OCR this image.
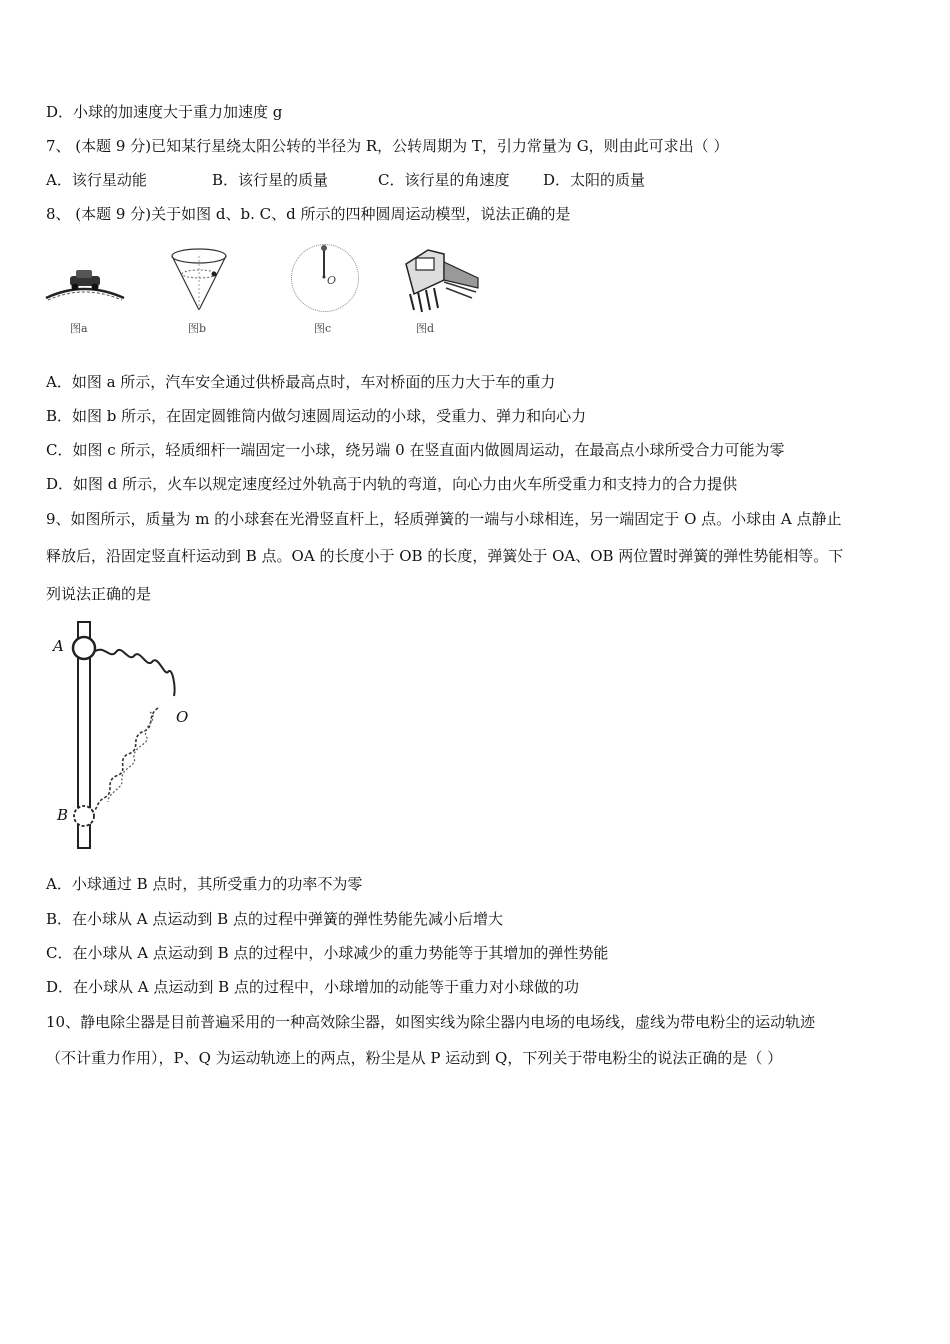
D．小球的加速度大于重力加速度 g
7、 (本题 9 分)已知某行星绕太阳公转的半径为 R，公转周期为 T，引力常量为 G，则由此可求出（ ）
A．该行星动能	B．该行星的质量	C．该行星的角速度 D．太阳的质量
8、 (本题 9 分)关于如图 d、b. C、d 所示的四种圆周运动模型，说法正确的是
图a	图b
O
图c	图d
A．如图 a 所示，汽车安全通过供桥最高点时，车对桥面的压力大于车的重力
B．如图 b 所示，在固定圆锥筒内做匀速圆周运动的小球，受重力、弹力和向心力
C．如图 c 所示，轻质细杆一端固定一小球，绕另端 0 在竖直面内做圆周运动，在最高点小球所受合力可能为零
D．如图 d 所示，火车以规定速度经过外轨高于内轨的弯道，向心力由火车所受重力和支持力的合力提供
9、如图所示，质量为 m 的小球套在光滑竖直杆上，轻质弹簧的一端与小球相连，另一端固定于 O 点。小球由 A 点静止
释放后，沿固定竖直杆运动到 B 点。OA 的长度小于 OB 的长度，弹簧处于 OA、OB 两位置时弹簧的弹性势能相等。下
列说法正确的是
A
O
B
A．小球通过 B 点时，其所受重力的功率不为零
B．在小球从 A 点运动到 B 点的过程中弹簧的弹性势能先减小后增大
C．在小球从 A 点运动到 B 点的过程中，小球减少的重力势能等于其增加的弹性势能
D．在小球从 A 点运动到 B 点的过程中，小球增加的动能等于重力对小球做的功
10、静电除尘器是目前普遍采用的一种高效除尘器，如图实线为除尘器内电场的电场线，虚线为带电粉尘的运动轨迹
（不计重力作用），P、Q 为运动轨迹上的两点，粉尘是从 P 运动到 Q，下列关于带电粉尘的说法正确的是（ ）
